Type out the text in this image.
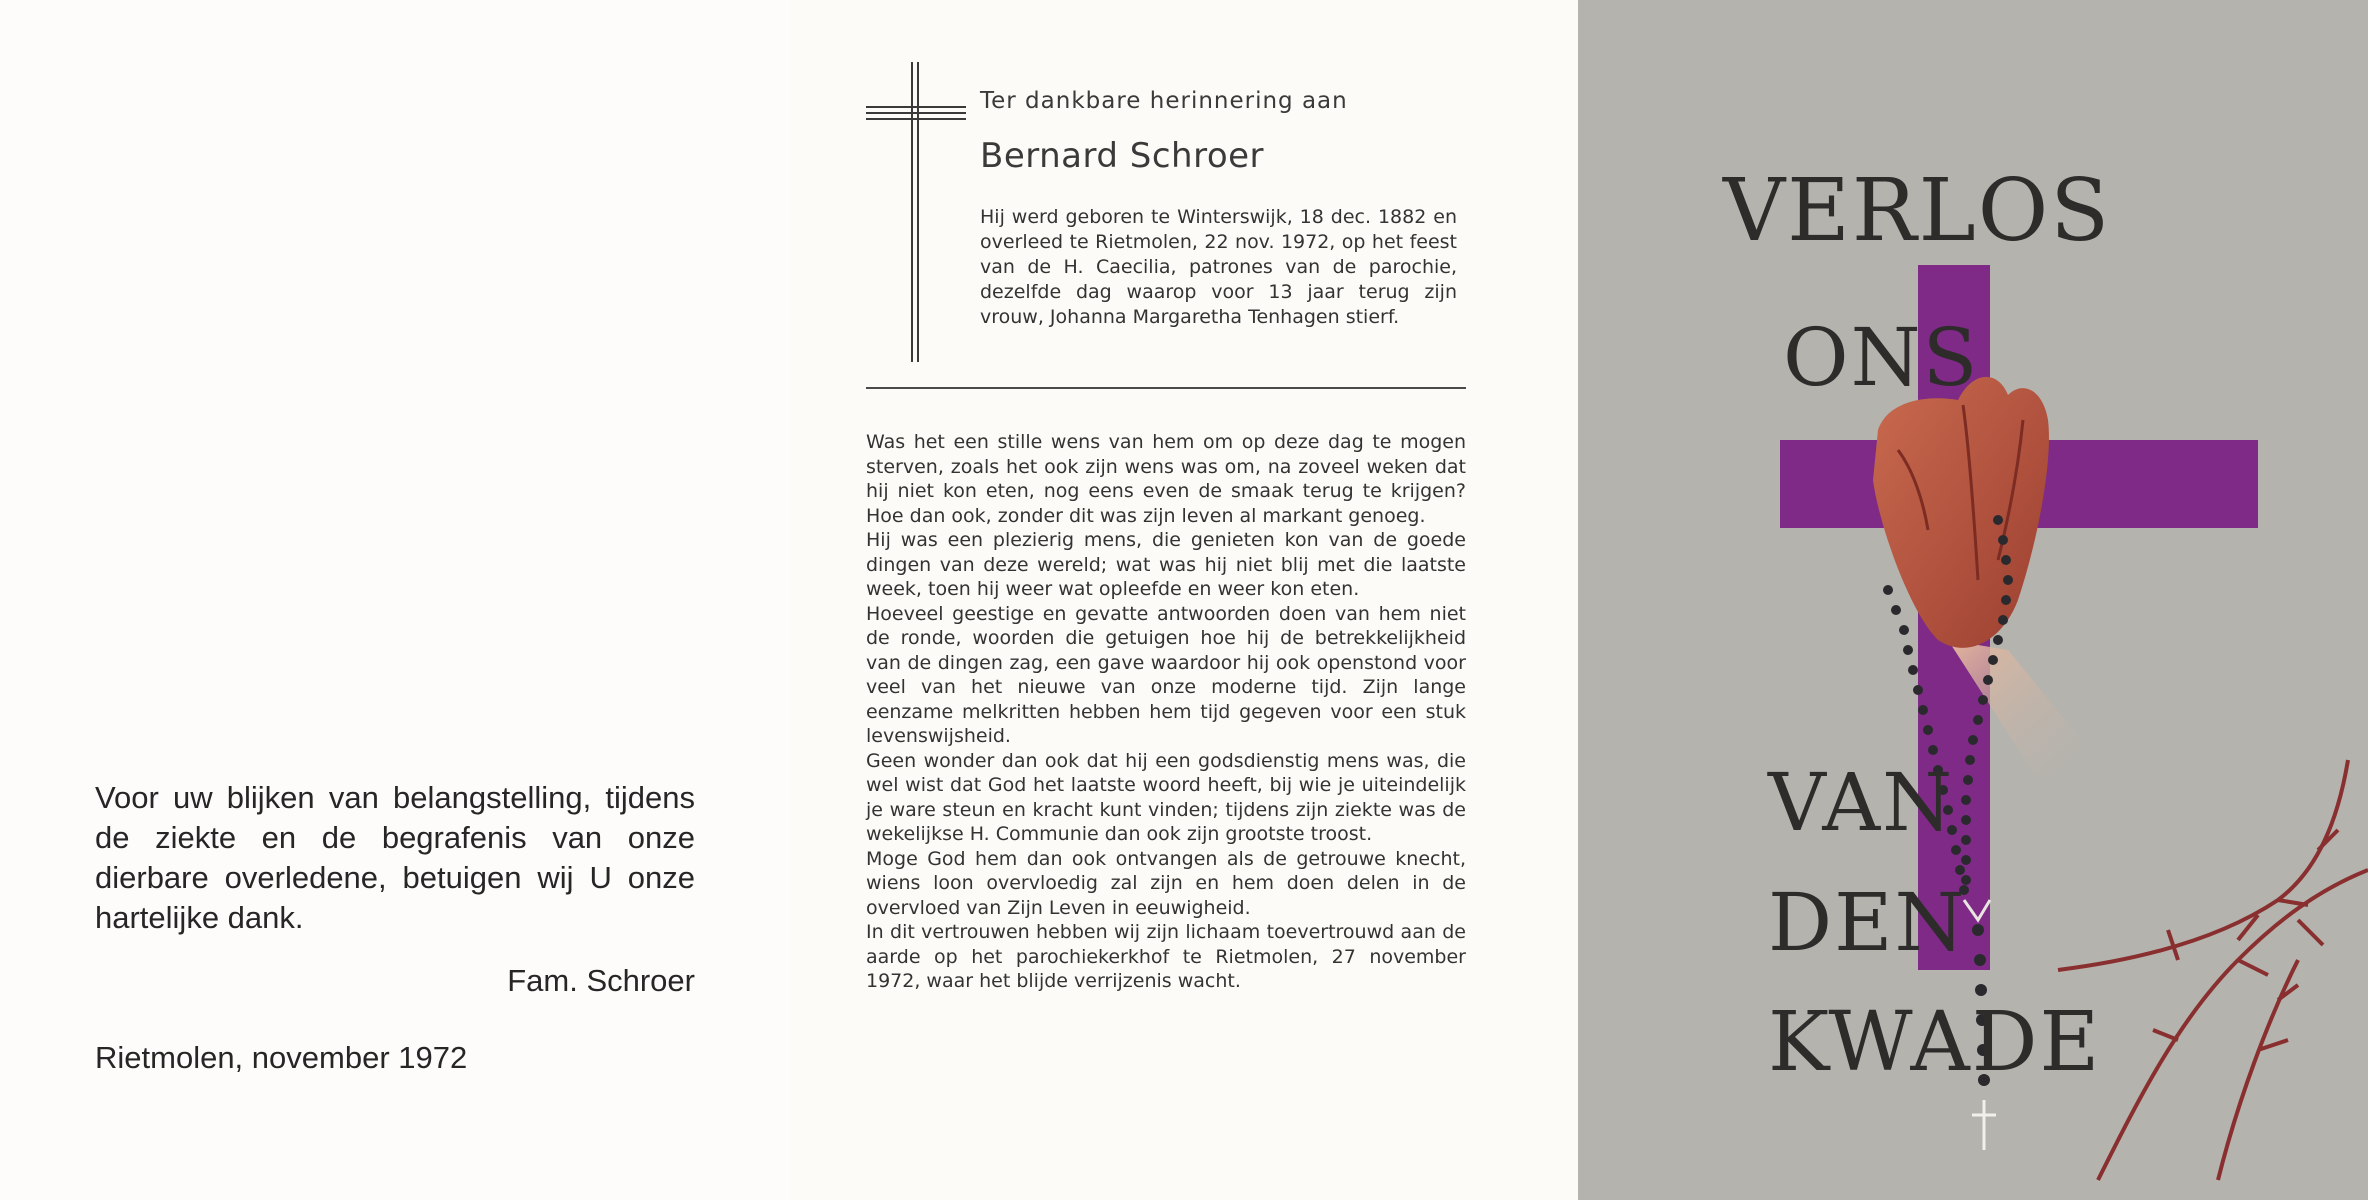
Voor uw blijken van belangstelling, tijdens de ziekte en de begrafenis van onze dierbare overledene, betuigen wij U onze hartelijke dank.
Fam. Schroer
Rietmolen, november 1972
Ter dankbare herinnering aan
Bernard Schroer
Hij werd geboren te Winterswijk, 18 dec. 1882 en overleed te Rietmolen, 22 nov. 1972, op het feest van de H. Caecilia, patrones van de parochie, dezelfde dag waarop voor 13 jaar terug zijn vrouw, Johanna Margaretha Tenhagen stierf.

Was het een stille wens van hem om op deze dag te mogen sterven, zoals het ook zijn wens was om, na zoveel weken dat hij niet kon eten, nog eens even de smaak terug te krijgen? Hoe dan ook, zonder dit was zijn leven al markant genoeg.

Hij was een plezierig mens, die genieten kon van de goede dingen van deze wereld; wat was hij niet blij met die laatste week, toen hij weer wat opleefde en weer kon eten.

Hoeveel geestige en gevatte antwoorden doen van hem niet de ronde, woorden die getuigen hoe hij de betrekkelijkheid van de dingen zag, een gave waardoor hij ook openstond voor veel van het nieuwe van onze moderne tijd. Zijn lange eenzame melkritten hebben hem tijd gegeven voor een stuk levenswijsheid.

Geen wonder dan ook dat hij een godsdienstig mens was, die wel wist dat God het laatste woord heeft, bij wie je uiteindelijk je ware steun en kracht kunt vinden; tijdens zijn ziekte was de wekelijkse H. Communie dan ook zijn grootste troost.

Moge God hem dan ook ontvangen als de getrouwe knecht, wiens loon overvloedig zal zijn en hem doen delen in de overvloed van Zijn Leven in eeuwigheid.

In dit vertrouwen hebben wij zijn lichaam toevertrouwd aan de aarde op het parochiekerkhof te Rietmolen, 27 november 1972, waar het blijde verrijzenis wacht.

VERLOS
ONS
VAN
DEN
KWADE
